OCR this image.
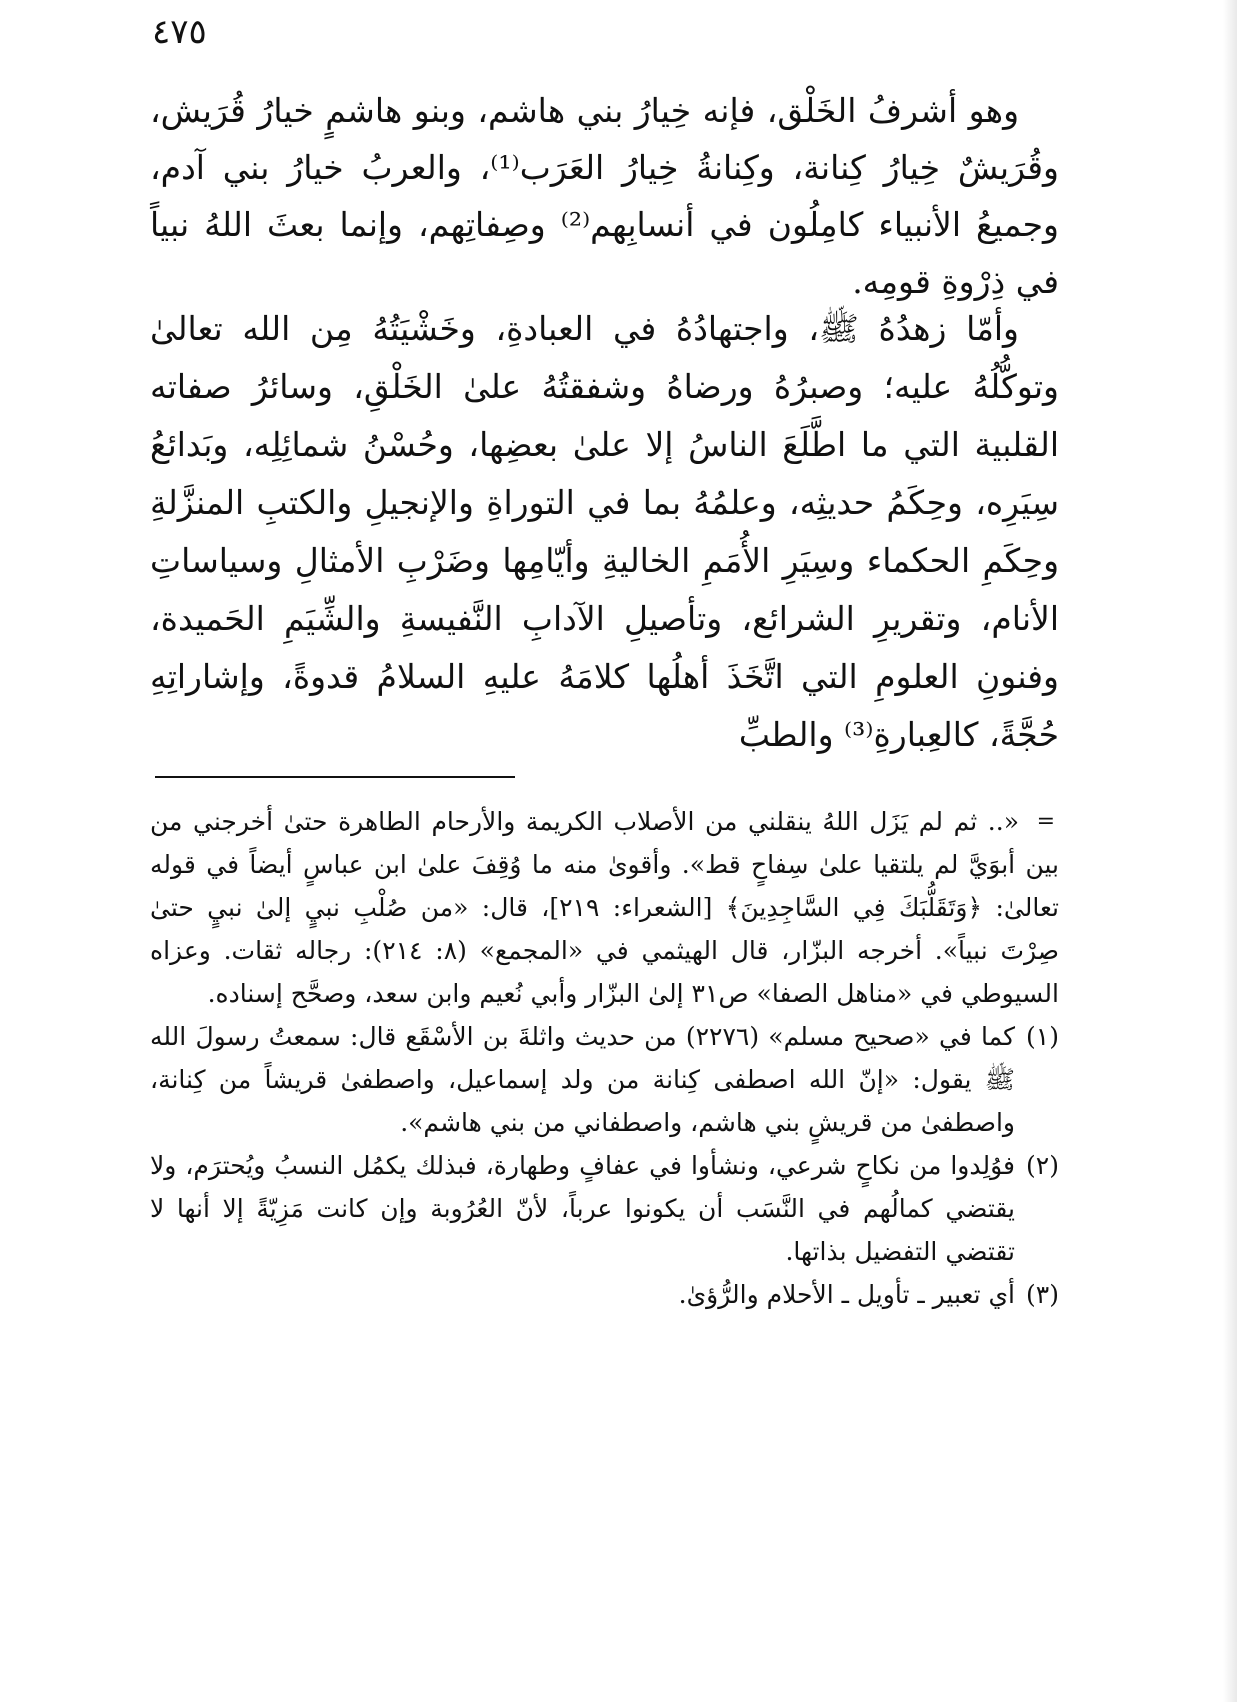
٤٧٥

وهو أشرفُ الخَلْق، فإنه خِيارُ بني هاشم، وبنو هاشمٍ خيارُ قُرَيش، وقُرَيشٌ خِيارُ كِنانة، وكِنانةُ خِيارُ العَرَب⁽¹⁾، والعربُ خيارُ بني آدم، وجميعُ الأنبياء كامِلُون في أنسابِهم⁽²⁾ وصِفاتِهم، وإنما بعثَ اللهُ نبياً في ذِرْوةِ قومِه.

وأمّا زهدُهُ ﷺ، واجتهادُهُ في العبادةِ، وخَشْيَتُهُ مِن الله تعالىٰ وتوكُّلُهُ عليه؛ وصبرُهُ ورضاهُ وشفقتُهُ علىٰ الخَلْقِ، وسائرُ صفاته القلبية التي ما اطَّلَعَ الناسُ إلا علىٰ بعضِها، وحُسْنُ شمائِلِه، وبَدائعُ سِيَرِه، وحِكَمُ حديثِه، وعلمُهُ بما في التوراةِ والإنجيلِ والكتبِ المنزَّلةِ وحِكَمِ الحكماء وسِيَرِ الأُمَمِ الخاليةِ وأيّامِها وضَرْبِ الأمثالِ وسياساتِ الأنام، وتقريرِ الشرائع، وتأصيلِ الآدابِ النَّفيسةِ والشِّيَمِ الحَميدة، وفنونِ العلومِ التي اتَّخَذَ أهلُها كلامَهُ عليهِ السلامُ قدوةً، وإشاراتِهِ حُجَّةً، كالعِبارةِ⁽³⁾ والطبِّ

=
«.. ثم لم يَزَل اللهُ ينقلني من الأصلاب الكريمة والأرحام الطاهرة حتىٰ أخرجني من بين أبوَيَّ لم يلتقيا علىٰ سِفاحٍ قط». وأقوىٰ منه ما وُقِفَ علىٰ ابن عباسٍ أيضاً في قوله تعالىٰ: ﴿وَتَقَلُّبَكَ فِي السَّاجِدِينَ﴾ [الشعراء: ٢١٩]، قال: «من صُلْبِ نبيٍ إلىٰ نبيٍ حتىٰ صِرْتَ نبياً». أخرجه البزّار، قال الهيثمي في «المجمع» (٨: ٢١٤): رجاله ثقات. وعزاه السيوطي في «مناهل الصفا» ص٣١ إلىٰ البزّار وأبي نُعيم وابن سعد، وصحَّح إسناده.

(١)
كما في «صحيح مسلم» (٢٢٧٦) من حديث واثلةَ بن الأسْقَع قال: سمعتُ رسولَ الله ﷺ يقول: «إنّ الله اصطفى كِنانة من ولد إسماعيل، واصطفىٰ قريشاً من كِنانة، واصطفىٰ من قريشٍ بني هاشم، واصطفاني من بني هاشم».

(٢)
فوُلِدوا من نكاحٍ شرعي، ونشأوا في عفافٍ وطهارة، فبذلك يكمُل النسبُ ويُحترَم، ولا يقتضي كمالُهم في النَّسَب أن يكونوا عرباً، لأنّ العُرُوبة وإن كانت مَزِيّةً إلا أنها لا تقتضي التفضيل بذاتها.

(٣)
أي تعبير ـ تأويل ـ الأحلام والرُّؤىٰ.
